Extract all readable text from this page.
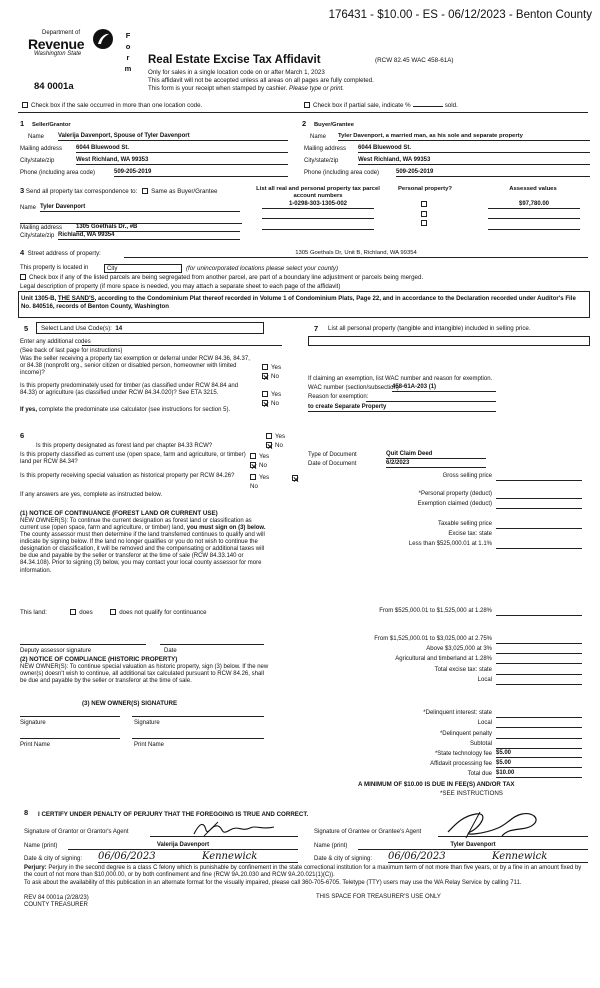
176431 - $10.00 - ES - 06/12/2023 - Benton County
Department of
Revenue
Washington State
F
o
r
m
84 0001a
Real Estate Excise Tax Affidavit	(RCW 82.45 WAC 458-61A)
Only for sales in a single location code on or after March 1, 2023
This affidavit will not be accepted unless all areas on all pages are fully completed.
This form is your receipt when stamped by cashier. Please type or print.
Check box if the sale occurred in more than one location code.	Check box if partial sale, indicate %	sold.
1 Seller/Grantor
Name Valerija Davenport, Spouse of Tyler Davenport
Mailing address 6044 Bluewood St.
City/state/zip	West Richland, WA 99353
Phone (including area code)	509-205-2019
2 Buyer/Grantee
Name Tyler Davenport, a married man, as his sole and separate property
Mailing address 6044 Bluewood St.
City/state/zip	West Richland, WA 99353
Phone (including area code)	509-205-2019
3 Send all property tax correspondence to: Same as Buyer/Grantee
Name Tyler Davenport
Mailing address 1305 Goethals Dr., #B
City/state/zip Richland, WA 99354
List all real and personal property tax parcel account numbers
1-0298-303-1305-002
Personal property?	Assessed values
$97,780.00
4 Street address of property:	1305 Goethals Dr, Unit B, Richland, WA 99354
This property is located in	City	(for unincorporated locations please select your county)
Check box if any of the listed parcels are being segregated from another parcel, are part of a boundary line adjustment or parcels being merged.
Legal description of property (if more space is needed, you may attach a separate sheet to each page of the affidavit)
Unit 1305-B, THE SAND'S, according to the Condominium Plat thereof recorded in Volume 1 of Condominium Plats, Page 22, and in accordance to the Declaration recorded under Auditor's File No. 840516, records of Benton County, Washington
5	Select Land Use Code(s): 14
Enter any additional codes
(See back of last page for instructions)
Was the seller receiving a property tax exemption or deferral under RCW 84.36, 84.37, or 84.38 (nonprofit org., senior citizen or disabled person, homeowner with limited income)?
Yes
No
Is this property predominately used for timber (as classified under RCW 84.84 and 84.33) or agriculture (as classified under RCW 84.34.020)? See ETA 3215.	Yes
No
If yes, complete the predominate use calculator (see instructions for section 5).
7 List all personal property (tangible and intangible) included in selling price.
If claiming an exemption, list WAC number and reason for exemption.
WAC number (section/subsection)
458-61A-203 (1)
Reason for exemption:
to create Separate Property
6
Is this property designated as forest land per chapter 84.33 RCW?
Yes
No
Is this property classified as current use (open space, farm and agriculture, or timber) land per RCW 84.34?
Yes
No
Is this property receiving special valuation as historical property per RCW 84.26?	Yes
No
If any answers are yes, complete as instructed below.
(1) NOTICE OF CONTINUANCE (FOREST LAND OR CURRENT USE)
NEW OWNER(S): To continue the current designation as forest land or classification as current use (open space, farm and agriculture, or timber) land, you must sign on (3) below. The county assessor must then determine if the land transferred continues to qualify and will indicate by signing below. If the land no longer qualifies or you do not wish to continue the designation or classification, it will be removed and the compensating or additional taxes will be due and payable by the seller or transferor at the time of sale (RCW 84.33.140 or 84.34.108). Prior to signing (3) below, you may contact your local county assessor for more information.
This land:	does	does not qualify for continuance
Deputy assessor signature	Date
(2) NOTICE OF COMPLIANCE (HISTORIC PROPERTY)
NEW OWNER(S): To continue special valuation as historic property, sign (3) below. If the new owner(s) doesn't wish to continue, all additional tax calculated pursuant to RCW 84.26, shall be due and payable by the seller or transferor at the time of sale.
(3) NEW OWNER(S) SIGNATURE
Signature	Signature
Print Name	Print Name
Type of Document	Quit Claim Deed
Date of Document	6/2/2023
Gross selling price
*Personal property (deduct)
Exemption claimed (deduct)
Taxable selling price
Excise tax: state
Less than $525,000.01 at 1.1%
From $525,000.01 to $1,525,000 at 1.28%
From $1,525,000.01 to $3,025,000 at 2.75%
Above $3,025,000 at 3%
Agricultural and timberland at 1.28%
Total excise tax: state
Local
*Delinquent interest: state
Local
*Delinquent penalty
Subtotal
*State technology fee $5.00
Affidavit processing fee $5.00
Total due $10.00
A MINIMUM OF $10.00 IS DUE IN FEE(S) AND/OR TAX
*SEE INSTRUCTIONS
8 I CERTIFY UNDER PENALTY OF PERJURY THAT THE FOREGOING IS TRUE AND CORRECT.
Signature of Grantor or Grantor's Agent	Signature of Grantee or Grantee's Agent
Name (print)	Valerija Davenport	Name (print)	Tyler Davenport
Date & city of signing: 06/06/2023	Kennewick	Date & city of signing: 06/06/2023	Kennewick
Perjury: Perjury in the second degree is a class C felony which is punishable by confinement in the state correctional institution for a maximum term of not more than five years, or by a fine in an amount fixed by the court of not more than $10,000.00, or by both confinement and fine (RCW 9A.20.030 and RCW 9A.20.021(1)(C)).
To ask about the availability of this publication in an alternate format for the visually impaired, please call 360-705-6705. Teletype (TTY) users may use the WA Relay Service by calling 711.
REV 84 0001a (2/28/23)
COUNTY TREASURER
THIS SPACE FOR TREASURER'S USE ONLY
